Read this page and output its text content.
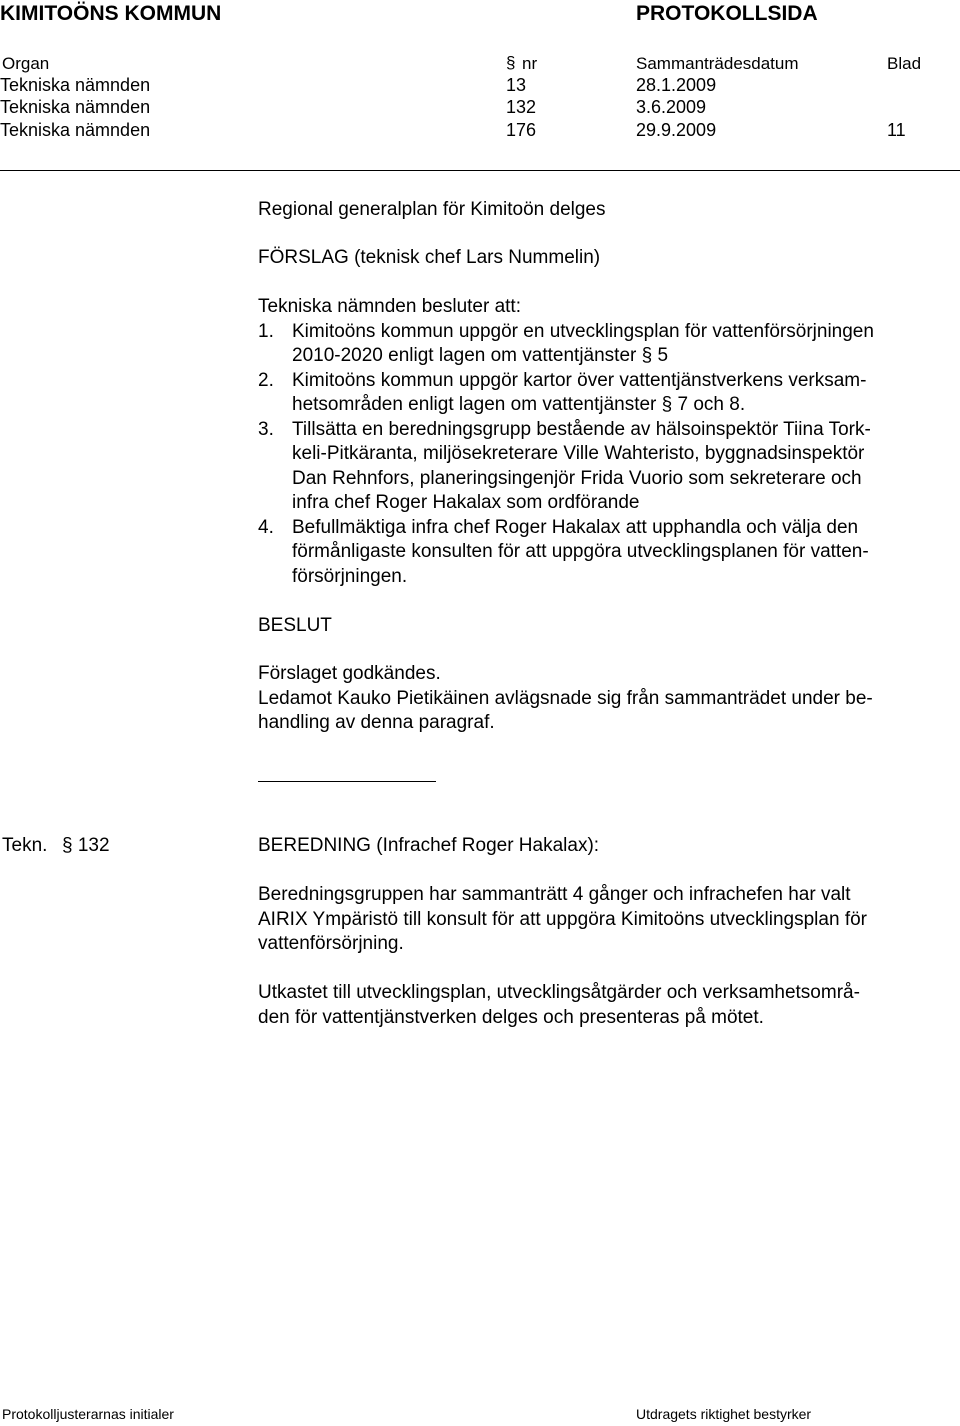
KIMITOÖNS KOMMUN	PROTOKOLLSIDA
Organ	§ nr	Sammanträdesdatum	Blad
Tekniska nämnden	13	28.1.2009
Tekniska nämnden	132	3.6.2009
Tekniska nämnden	176	29.9.2009	11
Regional generalplan för Kimitoön delges
FÖRSLAG (teknisk chef Lars Nummelin)

Tekniska nämnden besluter att:

1. Kimitoöns kommun uppgör en utvecklingsplan för vattenförsörjningen
2010-2020 enligt lagen om vattentjänster § 5
2. Kimitoöns kommun uppgör kartor över vattentjänstverkens verksam-
hetsområden enligt lagen om vattentjänster § 7 och 8.
3. Tillsätta en beredningsgrupp bestående av hälsoinspektör Tiina Tork-
keli-Pitkäranta, miljösekreterare Ville Wahteristo, byggnadsinspektör
Dan Rehnfors, planeringsingenjör Frida Vuorio som sekreterare och
infra chef Roger Hakalax som ordförande
4. Befullmäktiga infra chef Roger Hakalax att upphandla och välja den
förmånligaste konsulten för att uppgöra utvecklingsplanen för vatten-
försörjningen.
BESLUT
Förslaget godkändes.
Ledamot Kauko Pietikäinen avlägsnade sig från sammanträdet under be-
handling av denna paragraf.
Tekn. § 132	BEREDNING (Infrachef Roger Hakalax):
Beredningsgruppen har sammanträtt 4 gånger och infrachefen har valt
AIRIX Ympäristö till konsult för att uppgöra Kimitoöns utvecklingsplan för
vattenförsörjning.
Utkastet till utvecklingsplan, utvecklingsåtgärder och verksamhetsområ-
den för vattentjänstverken delges och presenteras på mötet.
Protokolljusterarnas initialer	Utdragets riktighet bestyrker
